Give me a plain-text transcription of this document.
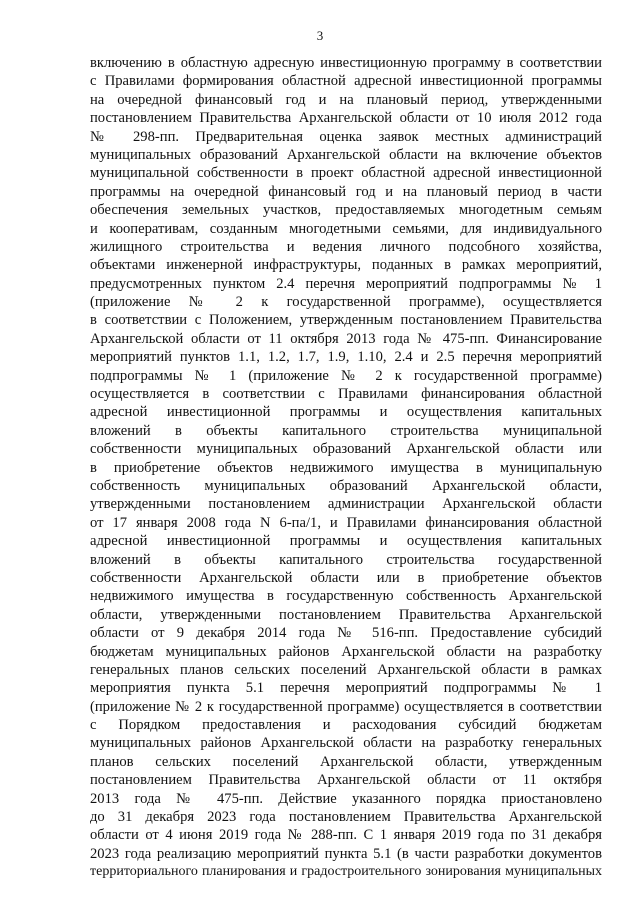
3
включению в областную адресную инвестиционную программу в соответствии
с Правилами формирования областной адресной инвестиционной программы
на очередной финансовый год и на плановый период, утвержденными
постановлением Правительства Архангельской области от 10 июля 2012 года
№ 298-пп. Предварительная оценка заявок местных администраций
муниципальных образований Архангельской области на включение объектов
муниципальной собственности в проект областной адресной инвестиционной
программы на очередной финансовый год и на плановый период в части
обеспечения земельных участков, предоставляемых многодетным семьям
и кооперативам, созданным многодетными семьями, для индивидуального
жилищного строительства и ведения личного подсобного хозяйства,
объектами инженерной инфраструктуры, поданных в рамках мероприятий,
предусмотренных пунктом 2.4 перечня мероприятий подпрограммы № 1
(приложение № 2 к государственной программе), осуществляется
в соответствии с Положением, утвержденным постановлением Правительства
Архангельской области от 11 октября 2013 года № 475-пп. Финансирование
мероприятий пунктов 1.1, 1.2, 1.7, 1.9, 1.10, 2.4 и 2.5 перечня мероприятий
подпрограммы № 1 (приложение № 2 к государственной программе)
осуществляется в соответствии с Правилами финансирования областной
адресной инвестиционной программы и осуществления капитальных
вложений в объекты капитального строительства муниципальной
собственности муниципальных образований Архангельской области или
в приобретение объектов недвижимого имущества в муниципальную
собственность муниципальных образований Архангельской области,
утвержденными постановлением администрации Архангельской области
от 17 января 2008 года N 6-па/1, и Правилами финансирования областной
адресной инвестиционной программы и осуществления капитальных
вложений в объекты капитального строительства государственной
собственности Архангельской области или в приобретение объектов
недвижимого имущества в государственную собственность Архангельской
области, утвержденными постановлением Правительства Архангельской
области от 9 декабря 2014 года № 516-пп. Предоставление субсидий
бюджетам муниципальных районов Архангельской области на разработку
генеральных планов сельских поселений Архангельской области в рамках
мероприятия пункта 5.1 перечня мероприятий подпрограммы № 1
(приложение № 2 к государственной программе) осуществляется в соответствии
с Порядком предоставления и расходования субсидий бюджетам
муниципальных районов Архангельской области на разработку генеральных
планов сельских поселений Архангельской области, утвержденным
постановлением Правительства Архангельской области от 11 октября
2013 года № 475-пп. Действие указанного порядка приостановлено
до 31 декабря 2023 года постановлением Правительства Архангельской
области от 4 июня 2019 года № 288-пп. С 1 января 2019 года по 31 декабря
2023 года реализацию мероприятий пункта 5.1 (в части разработки документов
территориального планирования и градостроительного зонирования муниципальных
